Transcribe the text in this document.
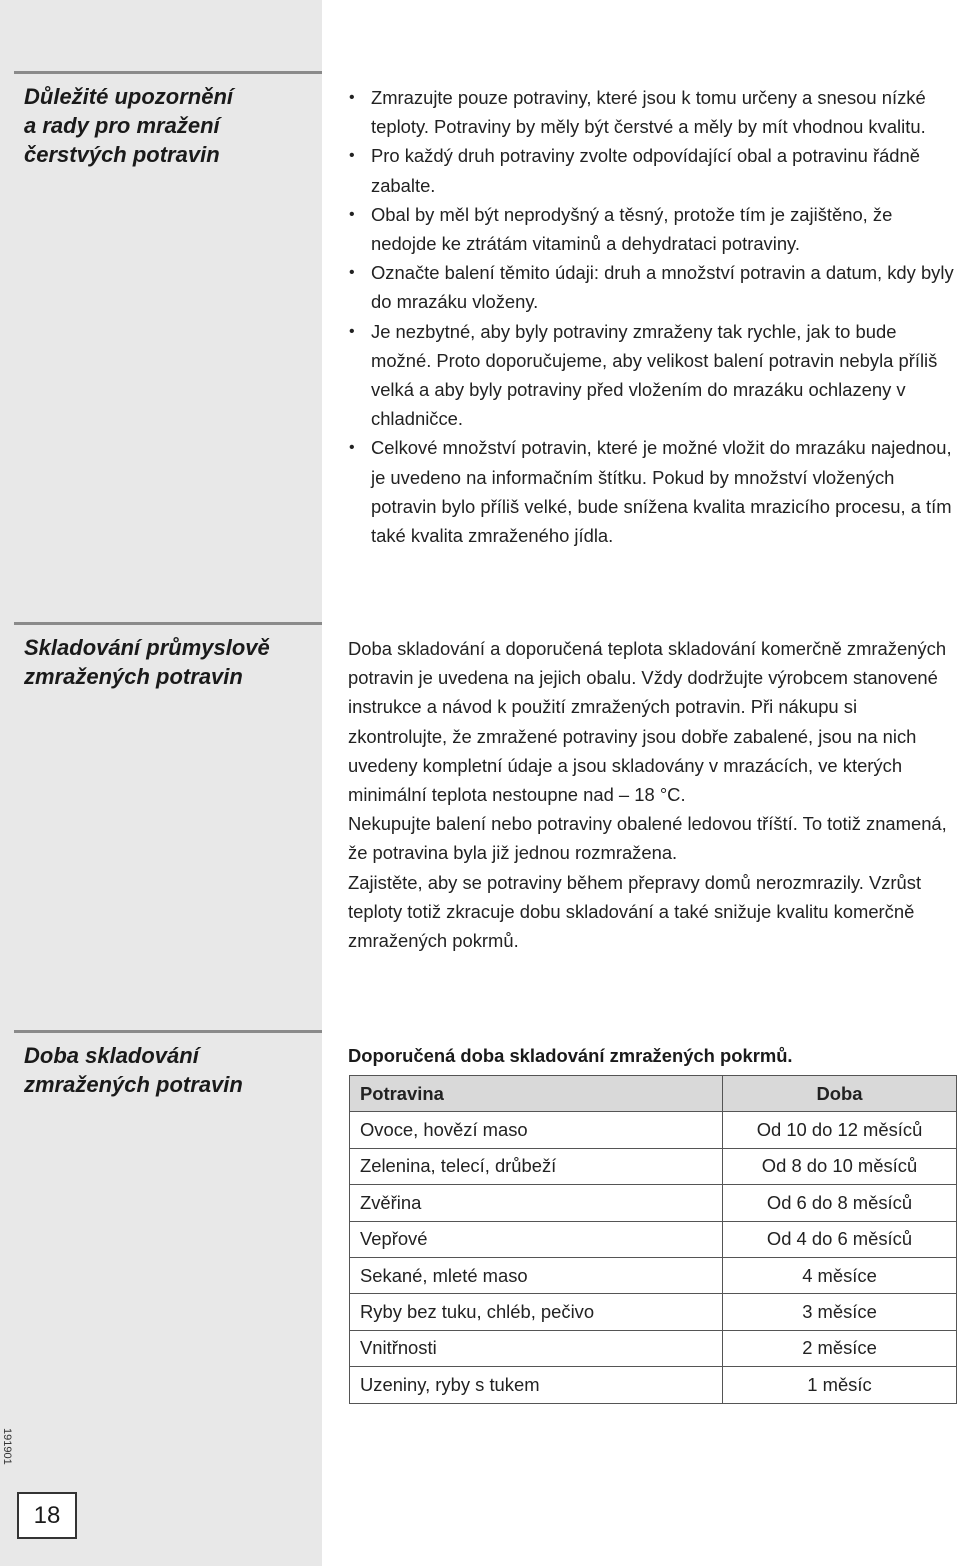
Důležité upozornění
a rady pro mražení
čerstvých potravin
• Zmrazujte pouze potraviny, které jsou k tomu určeny a snesou nízké teploty. Potraviny by měly být čerstvé a měly by mít vhodnou kvalitu.
• Pro každý druh potraviny zvolte odpovídající obal a potravinu řádně zabalte.
• Obal by měl být neprodyšný a těsný, protože tím je zajištěno, že nedojde ke ztrátám vitaminů a dehydrataci potraviny.
• Označte balení těmito údaji: druh a množství potravin a datum, kdy byly do mrazáku vloženy.
• Je nezbytné, aby byly potraviny zmraženy tak rychle, jak to bude možné. Proto doporučujeme, aby velikost balení potravin nebyla příliš velká a aby byly potraviny před vložením do mrazáku ochlazeny v chladničce.
• Celkové množství potravin, které je možné vložit do mrazáku najednou, je uvedeno na informačním štítku. Pokud by množství vložených potravin bylo příliš velké, bude snížena kvalita mrazicího procesu, a tím také kvalita zmraženého jídla.
Skladování průmyslově
zmražených potravin

Doba skladování a doporučená teplota skladování komerčně zmražených potravin je uvedena na jejich obalu. Vždy dodržujte výrobcem stanovené instrukce a návod k použití zmražených potravin. Při nákupu si zkontrolujte, že zmražené potraviny jsou dobře zabalené, jsou na nich uvedeny kompletní údaje a jsou skladovány v mrazácích, ve kterých minimální teplota nestoupne nad – 18 °C.

Nekupujte balení nebo potraviny obalené ledovou tříští. To totiž znamená, že potravina byla již jednou rozmražena.

Zajistěte, aby se potraviny během přepravy domů nerozmrazily. Vzrůst teploty totiž zkracuje dobu skladování a také snižuje kvalitu komerčně zmražených pokrmů.

Doba skladování
zmražených potravin

Doporučená doba skladování zmražených pokrmů.

Potravina	Doba
Ovoce, hovězí maso	Od 10 do 12 měsíců
Zelenina, telecí, drůbeží	Od 8 do 10 měsíců
Zvěřina	Od 6 do 8 měsíců
Vepřové	Od 4 do 6 měsíců
Sekané, mleté maso	4 měsíce
Ryby bez tuku, chléb, pečivo	3 měsíce
Vnitřnosti	2 měsíce
Uzeniny, ryby s tukem	1 měsíc
191901
18
